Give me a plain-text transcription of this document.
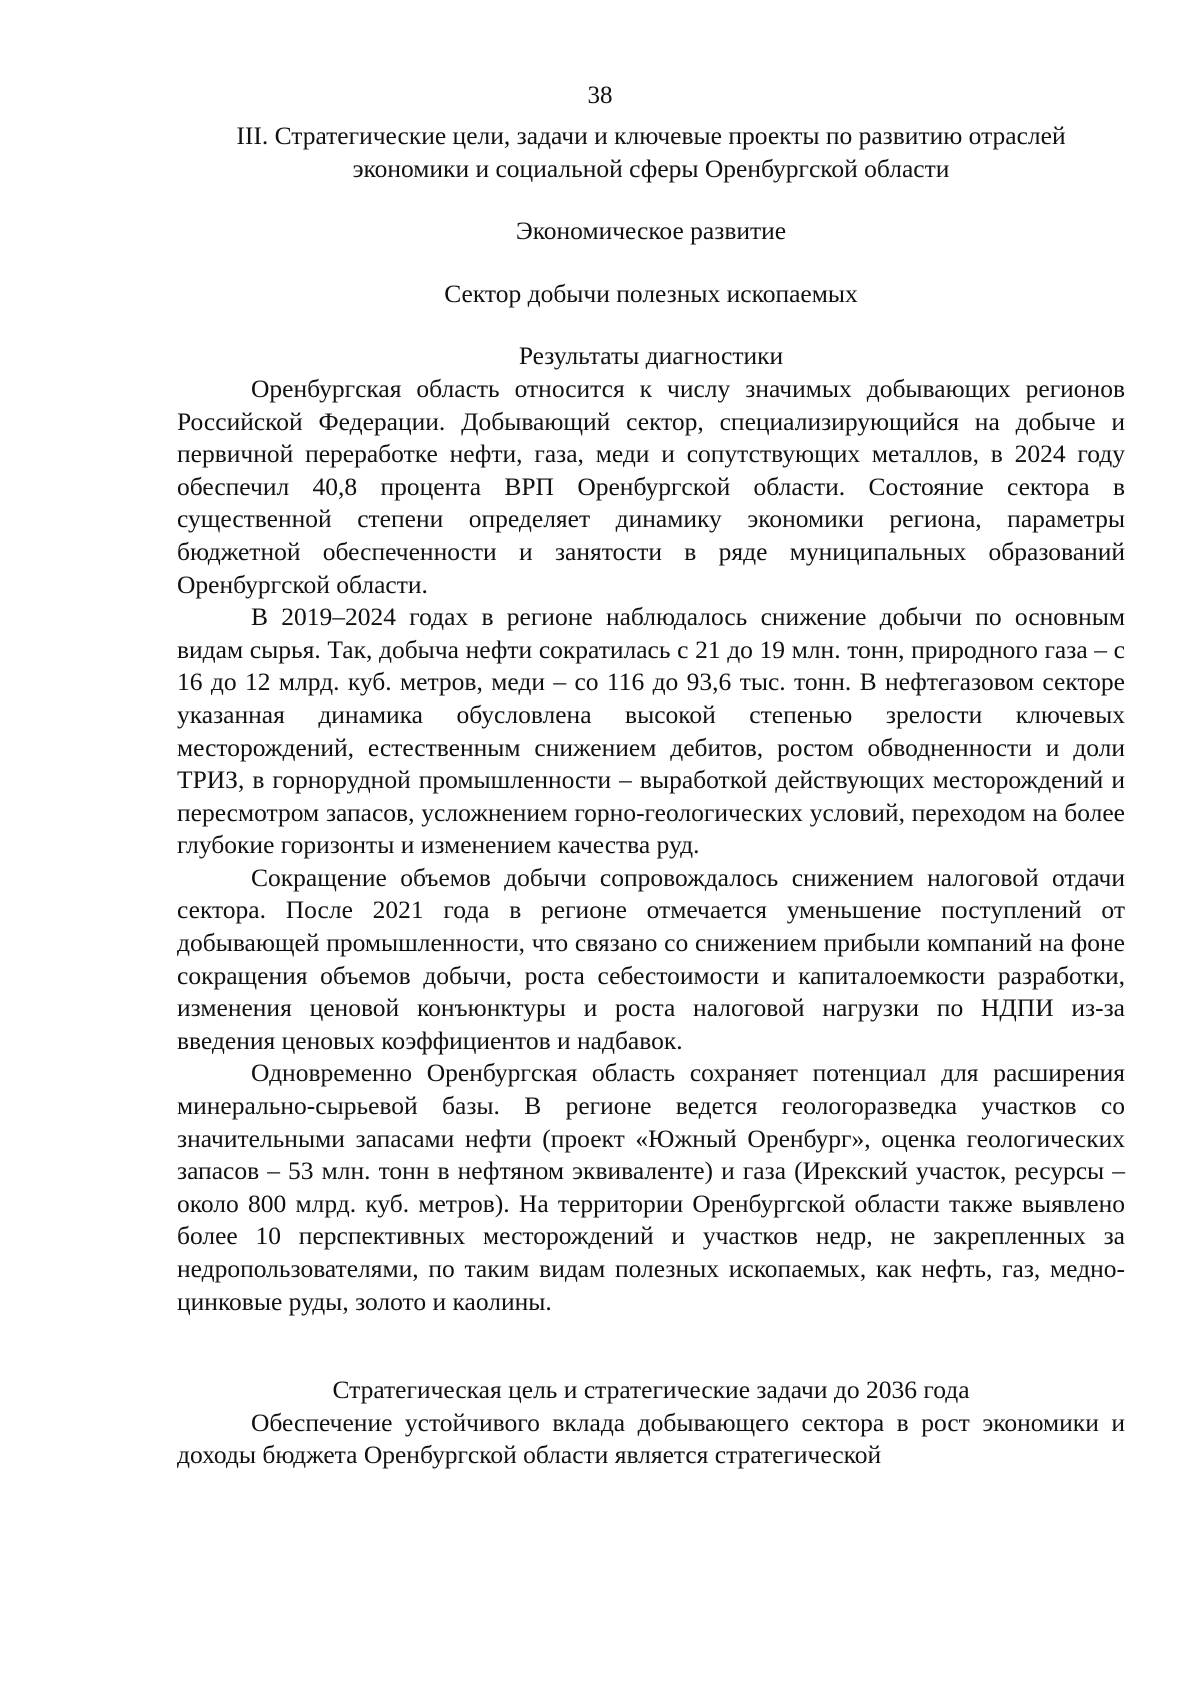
38
III. Стратегические цели, задачи и ключевые проекты по развитию отраслей экономики и социальной сферы Оренбургской области
Экономическое развитие
Сектор добычи полезных ископаемых
Результаты диагностики

Оренбургская область относится к числу значимых добывающих регионов Российской Федерации. Добывающий сектор, специализирующийся на добыче и первичной переработке нефти, газа, меди и сопутствующих металлов, в 2024 году обеспечил 40,8 процента ВРП Оренбургской области. Состояние сектора в существенной степени определяет динамику экономики региона, параметры бюджетной обеспеченности и занятости в ряде муниципальных образований Оренбургской области.

В 2019–2024 годах в регионе наблюдалось снижение добычи по основным видам сырья. Так, добыча нефти сократилась с 21 до 19 млн. тонн, природного газа – с 16 до 12 млрд. куб. метров, меди – со 116 до 93,6 тыс. тонн. В нефтегазовом секторе указанная динамика обусловлена высокой степенью зрелости ключевых месторождений, естественным снижением дебитов, ростом обводненности и доли ТРИЗ, в горнорудной промышленности – выработкой действующих месторождений и пересмотром запасов, усложнением горно-геологических условий, переходом на более глубокие горизонты и изменением качества руд.

Сокращение объемов добычи сопровождалось снижением налоговой отдачи сектора. После 2021 года в регионе отмечается уменьшение поступлений от добывающей промышленности, что связано со снижением прибыли компаний на фоне сокращения объемов добычи, роста себестоимости и капиталоемкости разработки, изменения ценовой конъюнктуры и роста налоговой нагрузки по НДПИ из-за введения ценовых коэффициентов и надбавок.

Одновременно Оренбургская область сохраняет потенциал для расширения минерально-сырьевой базы. В регионе ведется геологоразведка участков со значительными запасами нефти (проект «Южный Оренбург», оценка геологических запасов – 53 млн. тонн в нефтяном эквиваленте) и газа (Ирекский участок, ресурсы – около 800 млрд. куб. метров). На территории Оренбургской области также выявлено более 10 перспективных месторождений и участков недр, не закрепленных за недропользователями, по таким видам полезных ископаемых, как нефть, газ, медно-цинковые руды, золото и каолины.

Стратегическая цель и стратегические задачи до 2036 года

Обеспечение устойчивого вклада добывающего сектора в рост экономики и доходы бюджета Оренбургской области является стратегической
